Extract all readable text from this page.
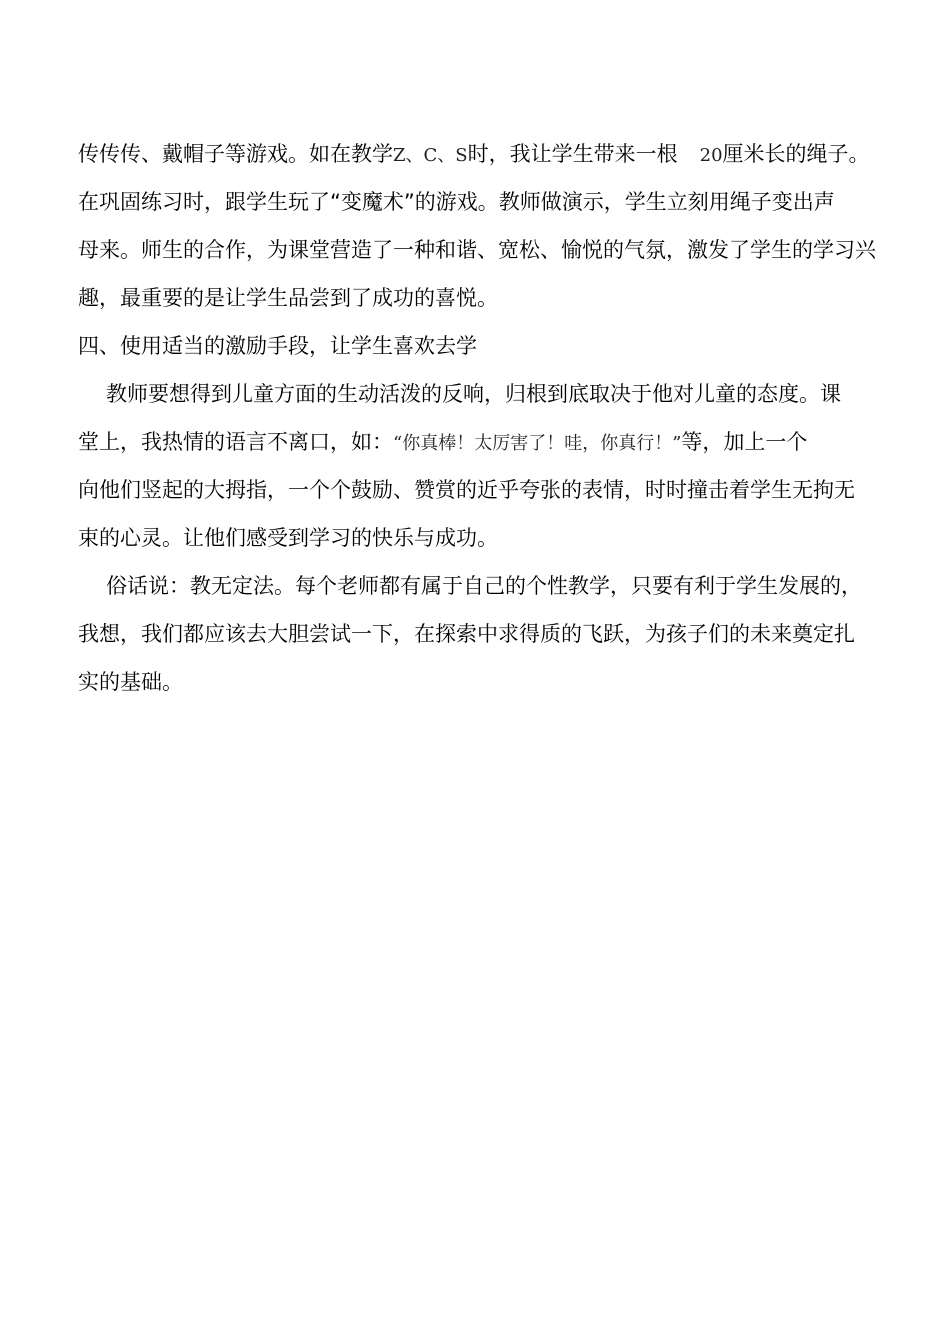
传传传、戴帽子等游戏。如在教学Z、C、S时，我让学生带来一根 20厘米长的绳子。
在巩固练习时，跟学生玩了“变魔术”的游戏。教师做演示，学生立刻用绳子变出声
母来。师生的合作，为课堂营造了一种和谐、宽松、愉悦的气氛，激发了学生的学习兴
趣，最重要的是让学生品尝到了成功的喜悦。
四、使用适当的激励手段，让学生喜欢去学
教师要想得到儿童方面的生动活泼的反响，归根到底取决于他对儿童的态度。课
堂上，我热情的语言不离口，如：“你真棒！太厉害了！哇，你真行！”等，加上一个
向他们竖起的大拇指，一个个鼓励、赞赏的近乎夸张的表情，时时撞击着学生无拘无
束的心灵。让他们感受到学习的快乐与成功。
俗话说：教无定法。每个老师都有属于自己的个性教学，只要有利于学生发展的，
我想，我们都应该去大胆尝试一下，在探索中求得质的飞跃，为孩子们的未来奠定扎
实的基础。
